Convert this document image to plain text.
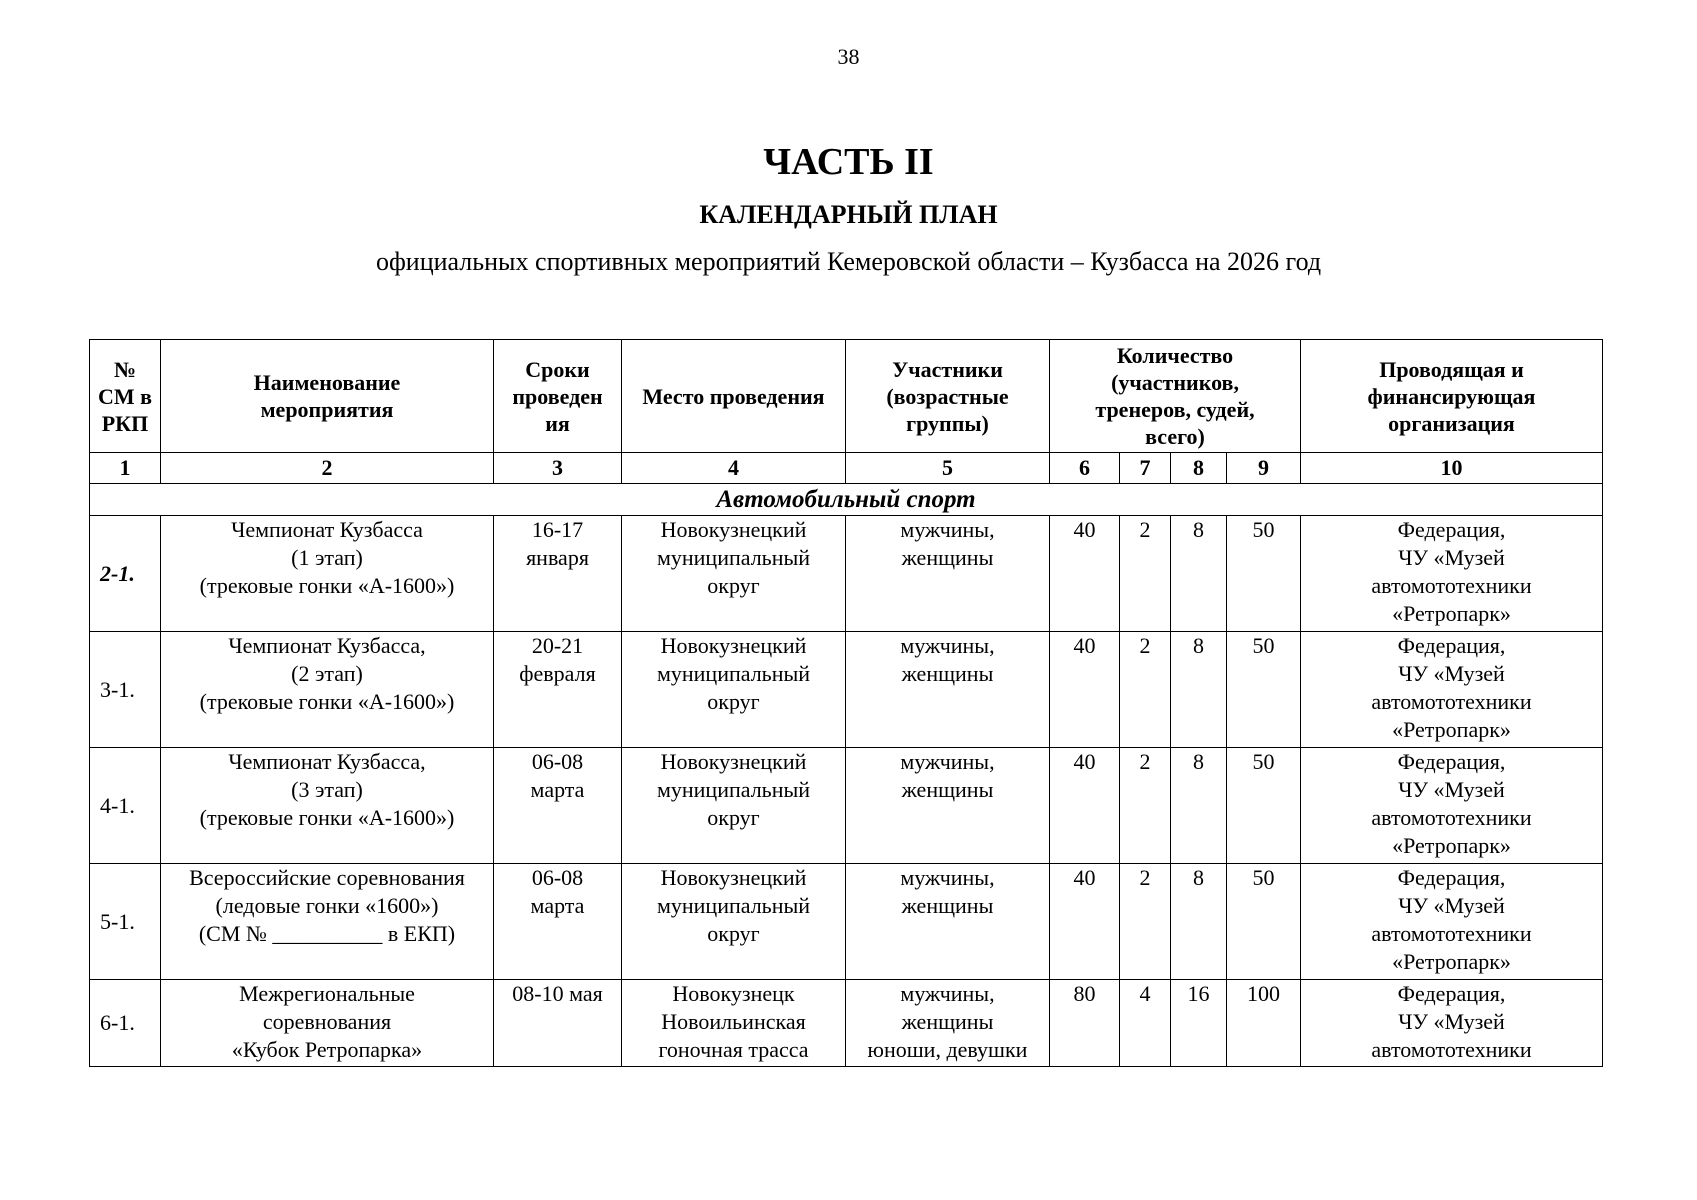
38
ЧАСТЬ II
КАЛЕНДАРНЫЙ ПЛАН
официальных спортивных мероприятий Кемеровской области – Кузбасса на 2026 год
№
СМ в
РКП	Наименование
мероприятия	Сроки
проведен
ия	Место проведения	Участники
(возрастные
группы)	Количество
(участников,
тренеров, судей,
всего)				Проводящая и
финансирующая
организация

1	2	3	4	5	6	7	8	9	10
Автомобильный спорт									
2-1.	Чемпионат Кузбасса
(1 этап)
(трековые гонки «А-1600»)	16-17
января	Новокузнецкий
муниципальный
округ	мужчины,
женщины	40	2	8	50	Федерация,
ЧУ «Музей
автомототехники
«Ретропарк»

3-1.	Чемпионат Кузбасса,
(2 этап)
(трековые гонки «А-1600»)	20-21
февраля	Новокузнецкий
муниципальный
округ	мужчины,
женщины	40	2	8	50	Федерация,
ЧУ «Музей
автомототехники
«Ретропарк»

4-1.	Чемпионат Кузбасса,
(3 этап)
(трековые гонки «А-1600»)	06-08
марта	Новокузнецкий
муниципальный
округ	мужчины,
женщины	40	2	8	50	Федерация,
ЧУ «Музей
автомототехники
«Ретропарк»

5-1.	Всероссийские соревнования
(ледовые гонки «1600»)
(СМ № __________ в ЕКП)	06-08
марта	Новокузнецкий
муниципальный
округ	мужчины,
женщины	40	2	8	50	Федерация,
ЧУ «Музей
автомототехники
«Ретропарк»

6-1.	Межрегиональные
соревнования
«Кубок Ретропарка»	08-10 мая	Новокузнецк
Новоильинская
гоночная трасса	мужчины,
женщины
юноши, девушки	80	4	16	100	Федерация,
ЧУ «Музей
автомототехники
